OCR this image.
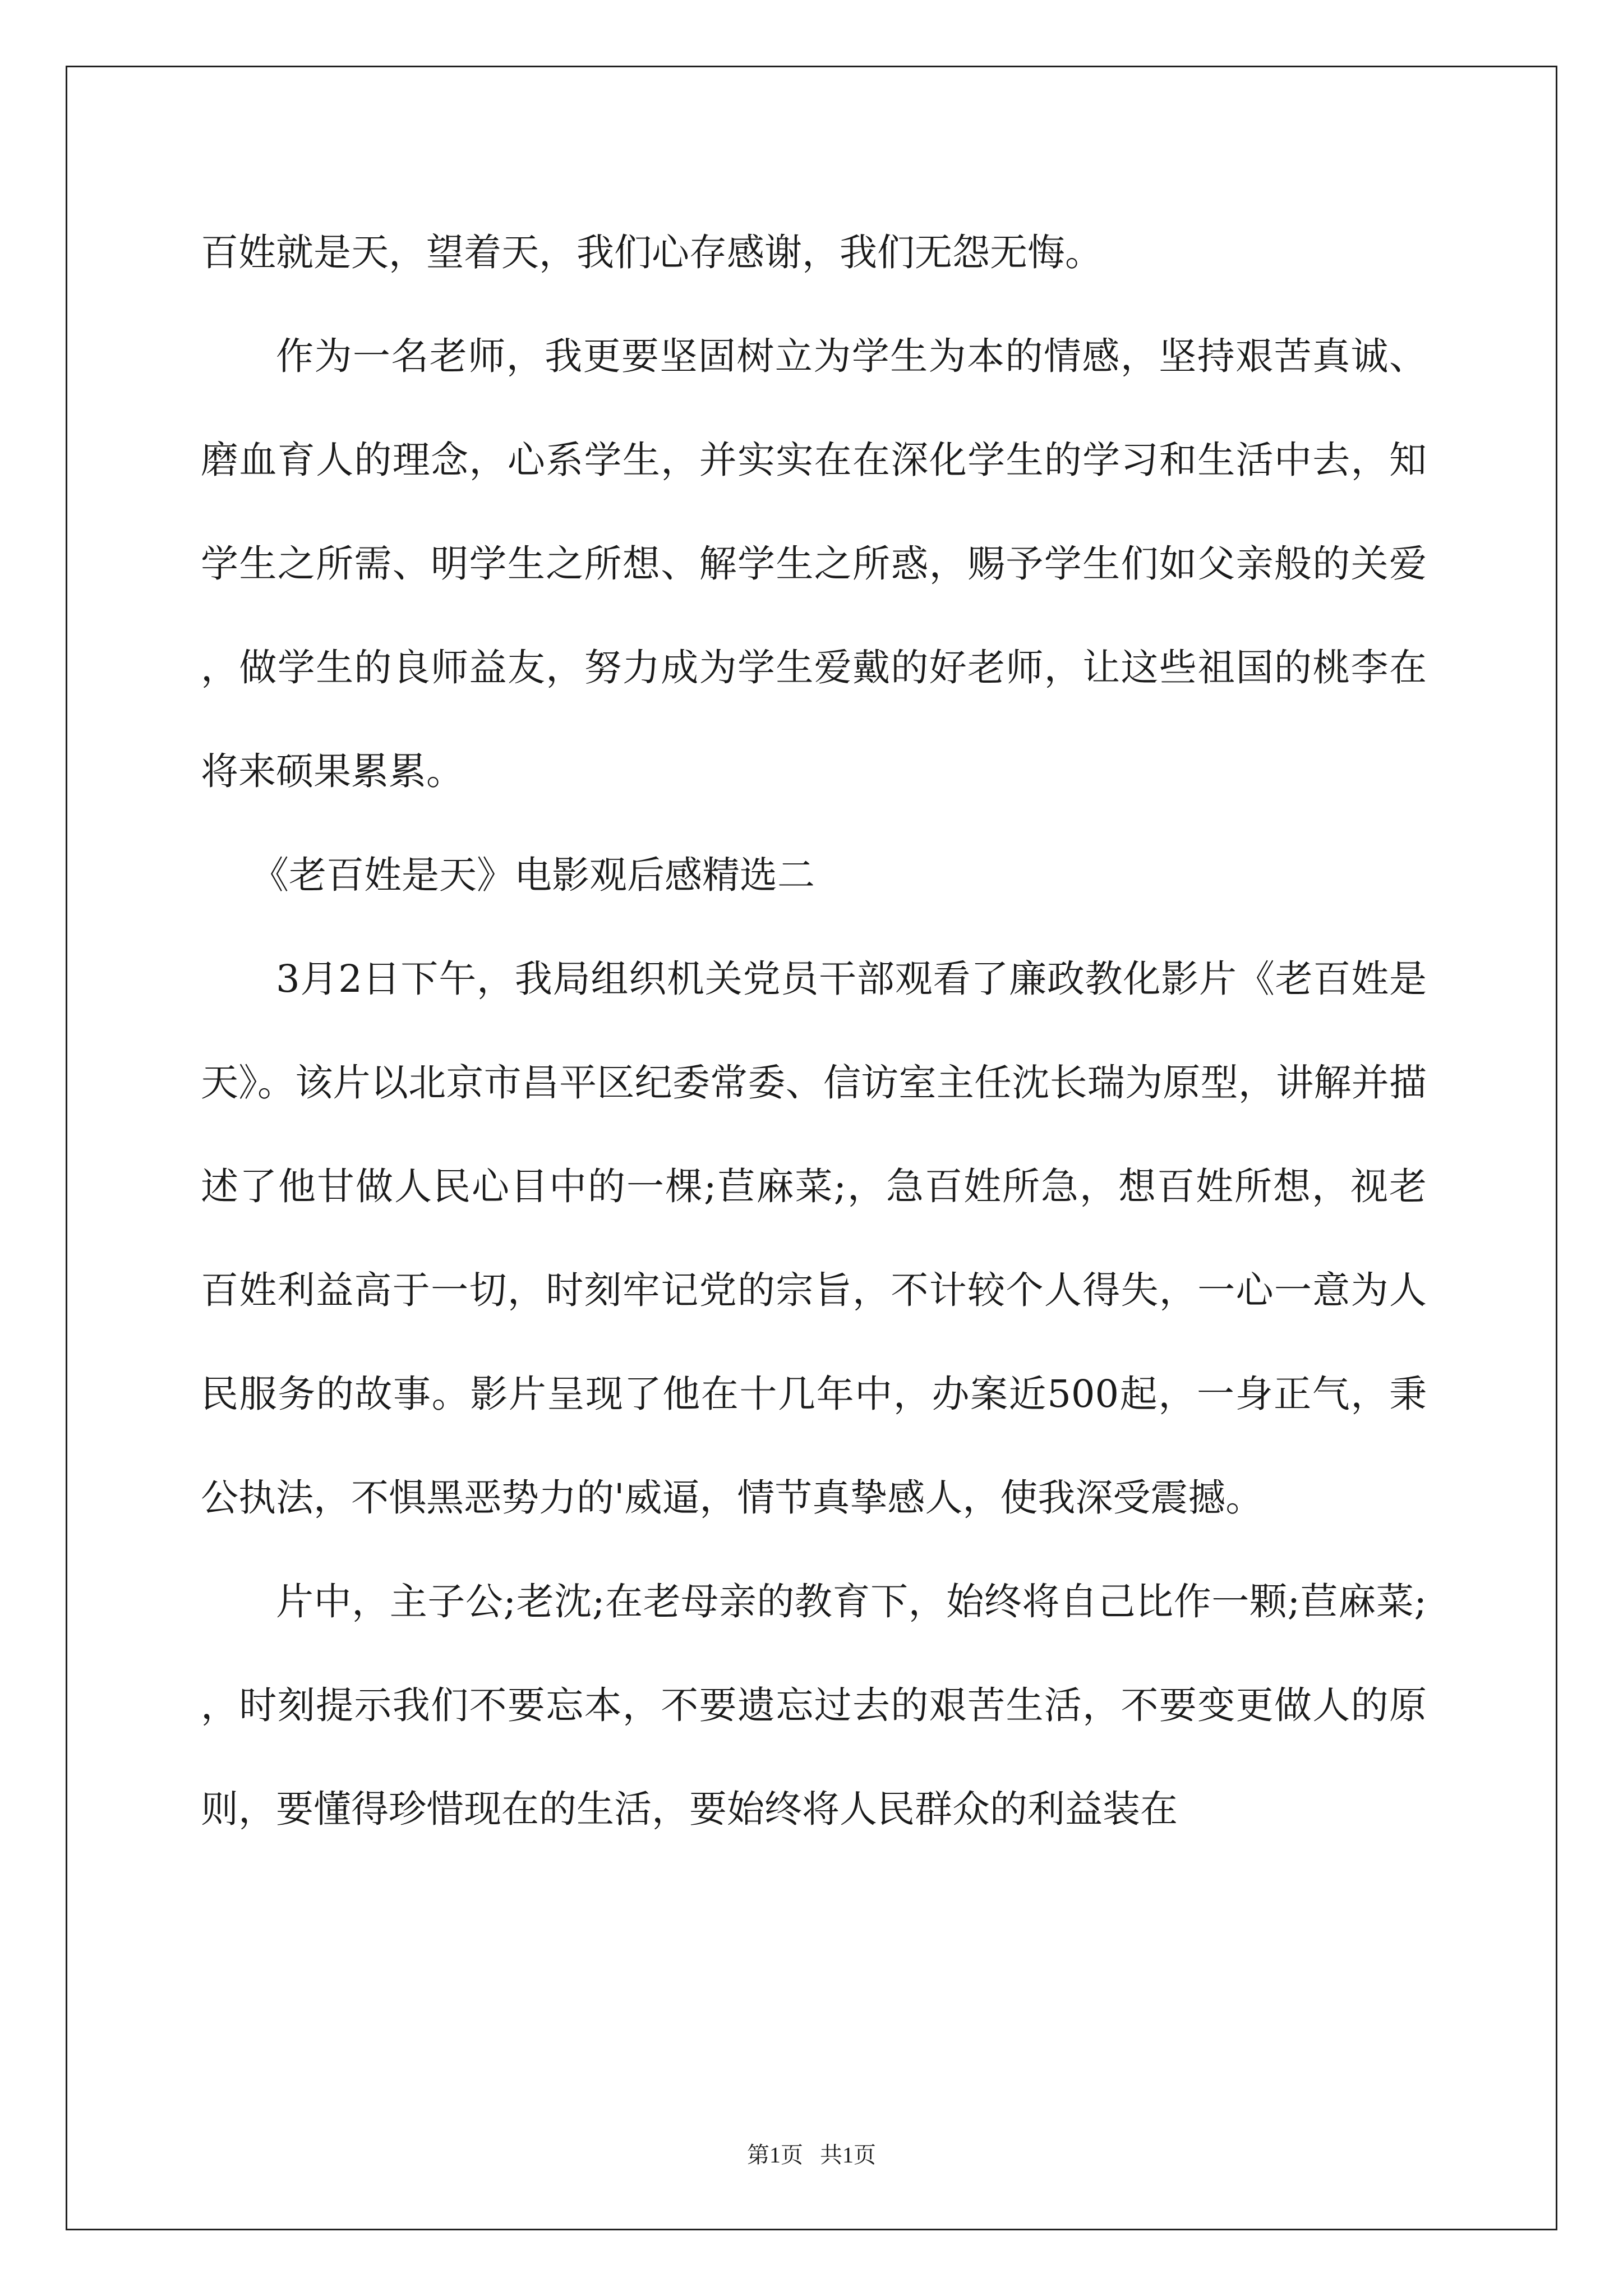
百姓就是天，望着天，我们心存感谢，我们无怨无悔。

作为一名老师，我更要坚固树立为学生为本的情感，坚持艰苦真诚、磨血育人的理念，心系学生，并实实在在深化学生的学习和生活中去，知学生之所需、明学生之所想、解学生之所惑，赐予学生们如父亲般的关爱，做学生的良师益友，努力成为学生爱戴的好老师，让这些祖国的桃李在将来硕果累累。

《老百姓是天》电影观后感精选二

3月2日下午，我局组织机关党员干部观看了廉政教化影片《老百姓是天》。该片以北京市昌平区纪委常委、信访室主任沈长瑞为原型，讲解并描述了他甘做人民心目中的一棵;苣麻菜;，急百姓所急，想百姓所想，视老百姓利益高于一切，时刻牢记党的宗旨，不计较个人得失，一心一意为人民服务的故事。影片呈现了他在十几年中，办案近500起，一身正气，秉公执法，不惧黑恶势力的'威逼，情节真挚感人，使我深受震撼。

片中，主子公;老沈;在老母亲的教育下，始终将自己比作一颗;苣麻菜;，时刻提示我们不要忘本，不要遗忘过去的艰苦生活，不要变更做人的原则，要懂得珍惜现在的生活，要始终将人民群众的利益装在

第1页   共1页
